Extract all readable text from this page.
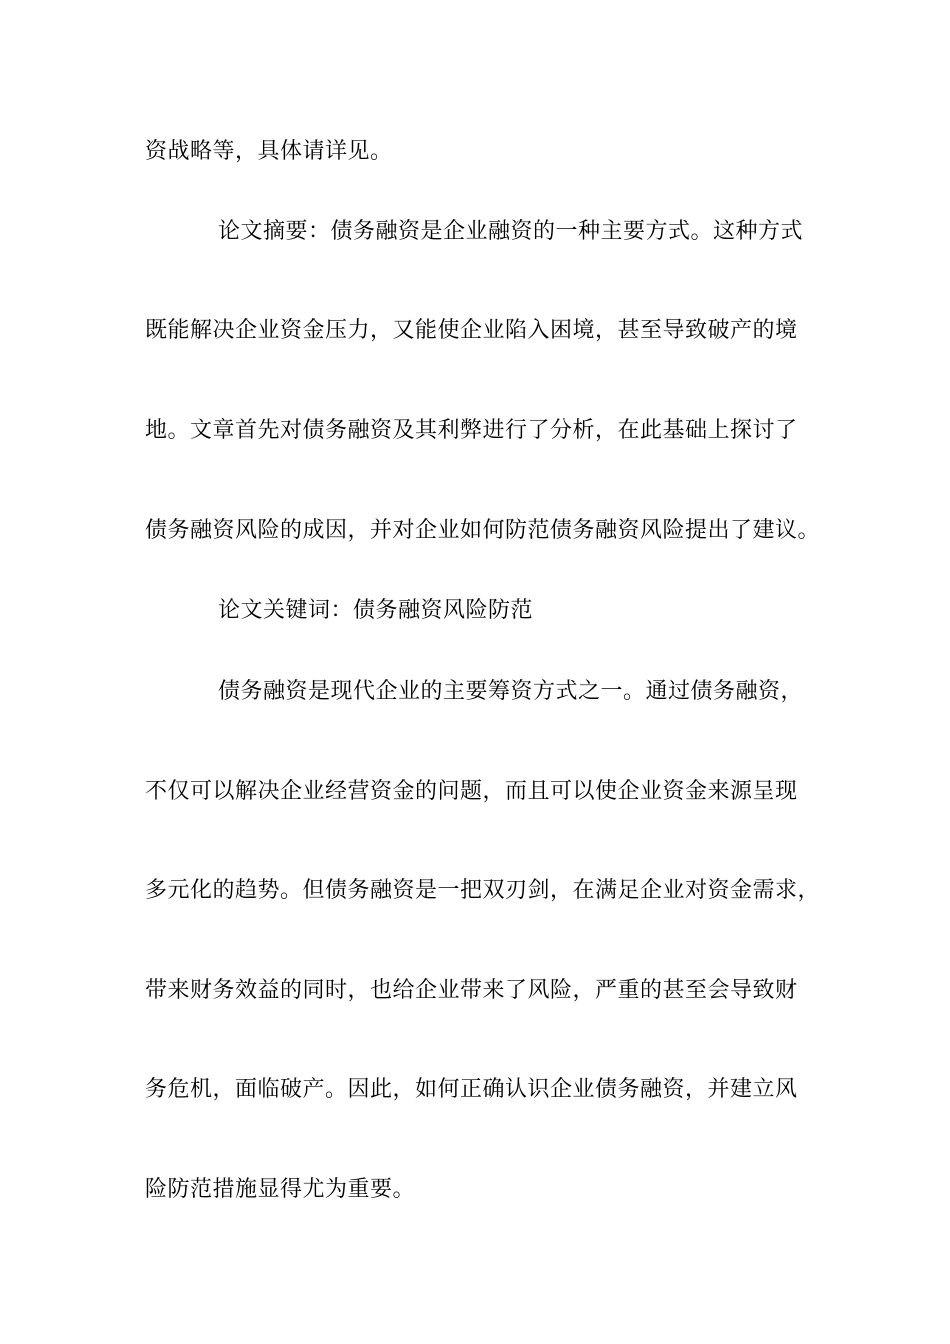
资战略等，具体请详见。
论文摘要：债务融资是企业融资的一种主要方式。这种方式
既能解决企业资金压力，又能使企业陷入困境，甚至导致破产的境
地。文章首先对债务融资及其利弊进行了分析，在此基础上探讨了
债务融资风险的成因，并对企业如何防范债务融资风险提出了建议。
论文关键词：债务融资风险防范
债务融资是现代企业的主要筹资方式之一。通过债务融资，
不仅可以解决企业经营资金的问题，而且可以使企业资金来源呈现
多元化的趋势。但债务融资是一把双刃剑，在满足企业对资金需求，
带来财务效益的同时，也给企业带来了风险，严重的甚至会导致财
务危机，面临破产。因此，如何正确认识企业债务融资，并建立风
险防范措施显得尤为重要。
